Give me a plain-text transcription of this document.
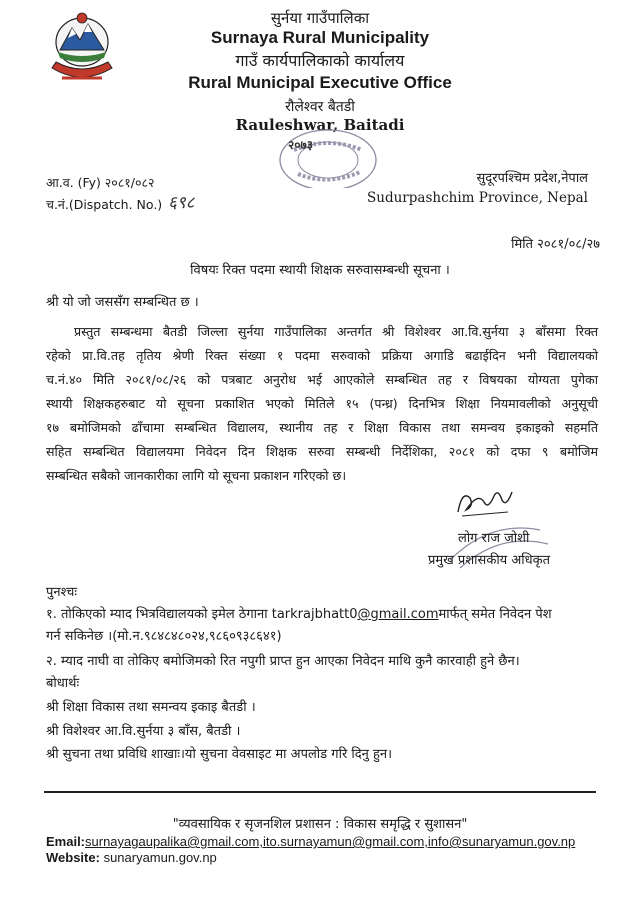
सुर्नया गाउँपालिका
Surnaya Rural Municipality
गाउँ कार्यपालिकाको कार्यालय
Rural Municipal Executive Office
रौलेश्वर बैतडी
Rauleshwar, Baitadi
२०७३
आ.व. (Fy) २०८१/०८२
च.नं.(Dispatch. No.) ६९८
सुदूरपश्चिम प्रदेश,नेपाल
Sudurpashchim Province, Nepal
मिति २०८१/०८/२७
विषयः रिक्त पदमा स्थायी शिक्षक सरुवासम्बन्धी सूचना ।
श्री यो जो जससँग सम्बन्धित छ ।
प्रस्तुत सम्बन्धमा बैतडी जिल्ला सुर्नया गाउँपालिका अन्तर्गत श्री विशेश्वर आ.वि.सुर्नया ३ बाँसमा रिक्त
रहेको प्रा.वि.तह तृतिय श्रेणी रिक्त संख्या १ पदमा सरुवाको प्रक्रिया अगाडि बढाईदिन भनी विद्यालयको
च.नं.४० मिति २०८१/०८/२६ को पत्रबाट अनुरोध भई आएकोले सम्बन्धित तह र विषयका योग्यता पुगेका
स्थायी शिक्षकहरुबाट यो सूचना प्रकाशित भएको मितिले १५ (पन्ध्र) दिनभित्र शिक्षा नियमावलीको अनुसूची
१७ बमोजिमको ढाँचामा सम्बन्धित विद्यालय, स्थानीय तह र शिक्षा विकास तथा समन्वय इकाइको सहमति
सहित सम्बन्धित विद्यालयमा निवेदन दिन शिक्षक सरुवा सम्बन्धी निर्देशिका, २०८१ को दफा ९ बमोजिम
सम्बन्धित सबैको जानकारीका लागि यो सूचना प्रकाशन गरिएको छ।
लोग राज जोशी
प्रमुख प्रशासकीय अधिकृत
पुनश्चः
१. तोकिएको म्याद भित्रविद्यालयको इमेल ठेगाना tarkrajbhatt0@gmail.comमार्फत् समेत निवेदन पेश
गर्न सकिनेछ ।(मो.न.९८४८४८०२४,९८६०९३८६४१)
२. म्याद नाघी वा तोकिए बमोजिमको रित नपुगी प्राप्त हुन आएका निवेदन माथि कुनै कारवाही हुने छैन।
बोधार्थः
श्री शिक्षा विकास तथा समन्वय इकाइ बैतडी ।
श्री विशेश्वर आ.वि.सुर्नया ३ बाँस, बैतडी ।
श्री सुचना तथा प्रविधि शाखाः।यो सुचना वेवसाइट मा अपलोड गरि दिनु हुन।
"व्यवसायिक र सृजनशिल प्रशासन : विकास समृद्धि र सुशासन"
Email:surnayagaupalika@gmail.com,ito.surnayamun@gmail.com,info@sunaryamun.gov.np
Website: sunaryamun.gov.np
